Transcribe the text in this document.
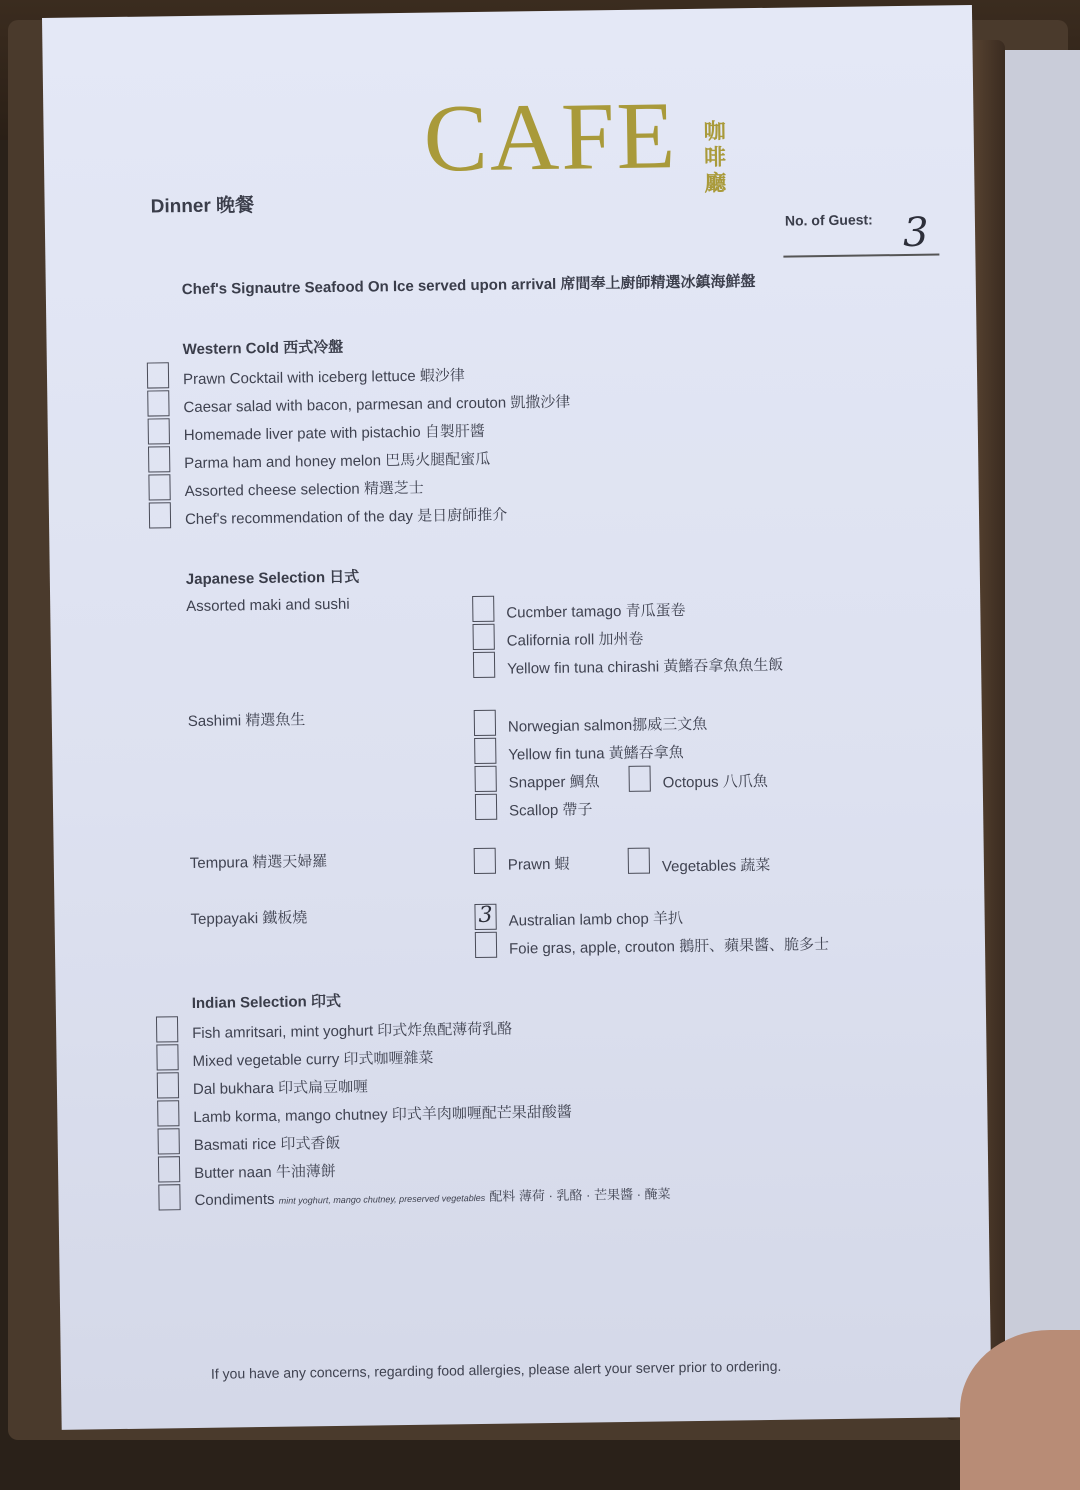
CAFE 咖啡廳
Dinner 晚餐
No. of Guest: 3
Chef's Signautre Seafood On Ice served upon arrival 席間奉上廚師精選冰鎮海鮮盤
Western Cold 西式冷盤
Prawn Cocktail with iceberg lettuce 蝦沙律
Caesar salad with bacon, parmesan and crouton 凱撒沙律
Homemade liver pate with pistachio 自製肝醬
Parma ham and honey melon 巴馬火腿配蜜瓜
Assorted cheese selection 精選芝士
Chef's recommendation of the day 是日廚師推介
Japanese Selection 日式
Assorted maki and sushi	Cucmber tamago 青瓜蛋卷
California roll 加州卷
Yellow fin tuna chirashi 黃鰭吞拿魚魚生飯
Sashimi 精選魚生	Norwegian salmon挪威三文魚
Yellow fin tuna 黃鰭吞拿魚
Snapper 鯛魚	Octopus 八爪魚
Scallop 帶子
Tempura 精選天婦羅	Prawn 蝦	Vegetables 蔬菜
Teppayaki 鐵板燒	3 Australian lamb chop 羊扒
Foie gras, apple, crouton 鵝肝、蘋果醬、脆多士
Indian Selection 印式
Fish amritsari, mint yoghurt 印式炸魚配薄荷乳酪
Mixed vegetable curry 印式咖喱雜菜
Dal bukhara 印式扁豆咖喱
Lamb korma, mango chutney 印式羊肉咖喱配芒果甜酸醬
Basmati rice 印式香飯
Butter naan 牛油薄餅
Condiments mint yoghurt, mango chutney, preserved vegetables 配料 薄荷 · 乳酪 · 芒果醬 · 醃菜
If you have any concerns, regarding food allergies, please alert your server prior to ordering.
